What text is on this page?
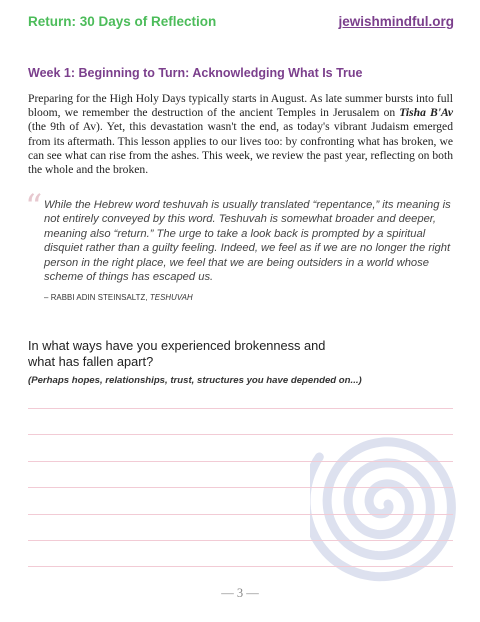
Return: 30 Days of Reflection	jewishmindful.org
Week 1: Beginning to Turn: Acknowledging What Is True

Preparing for the High Holy Days typically starts in August. As late summer bursts into full bloom, we remember the destruction of the ancient Temples in Jerusalem on Tisha B'Av (the 9th of Av). Yet, this devastation wasn't the end, as today's vibrant Judaism emerged from its aftermath. This lesson applies to our lives too: by confronting what has broken, we can see what can rise from the ashes. This week, we review the past year, reflecting on both the whole and the broken.

“ While the Hebrew word teshuvah is usually translated “repentance,” its meaning is not entirely conveyed by this word. Teshuvah is somewhat broader and deeper, meaning also “return.” The urge to take a look back is prompted by a spiritual disquiet rather than a guilty feeling. Indeed, we feel as if we are no longer the right person in the right place, we feel that we are being outsiders in a world whose scheme of things has escaped us.

– RABBI ADIN STEINSALTZ, TESHUVAH

In what ways have you experienced brokenness and what has fallen apart?

(Perhaps hopes, relationships, trust, structures you have depended on...)
— 3 —
